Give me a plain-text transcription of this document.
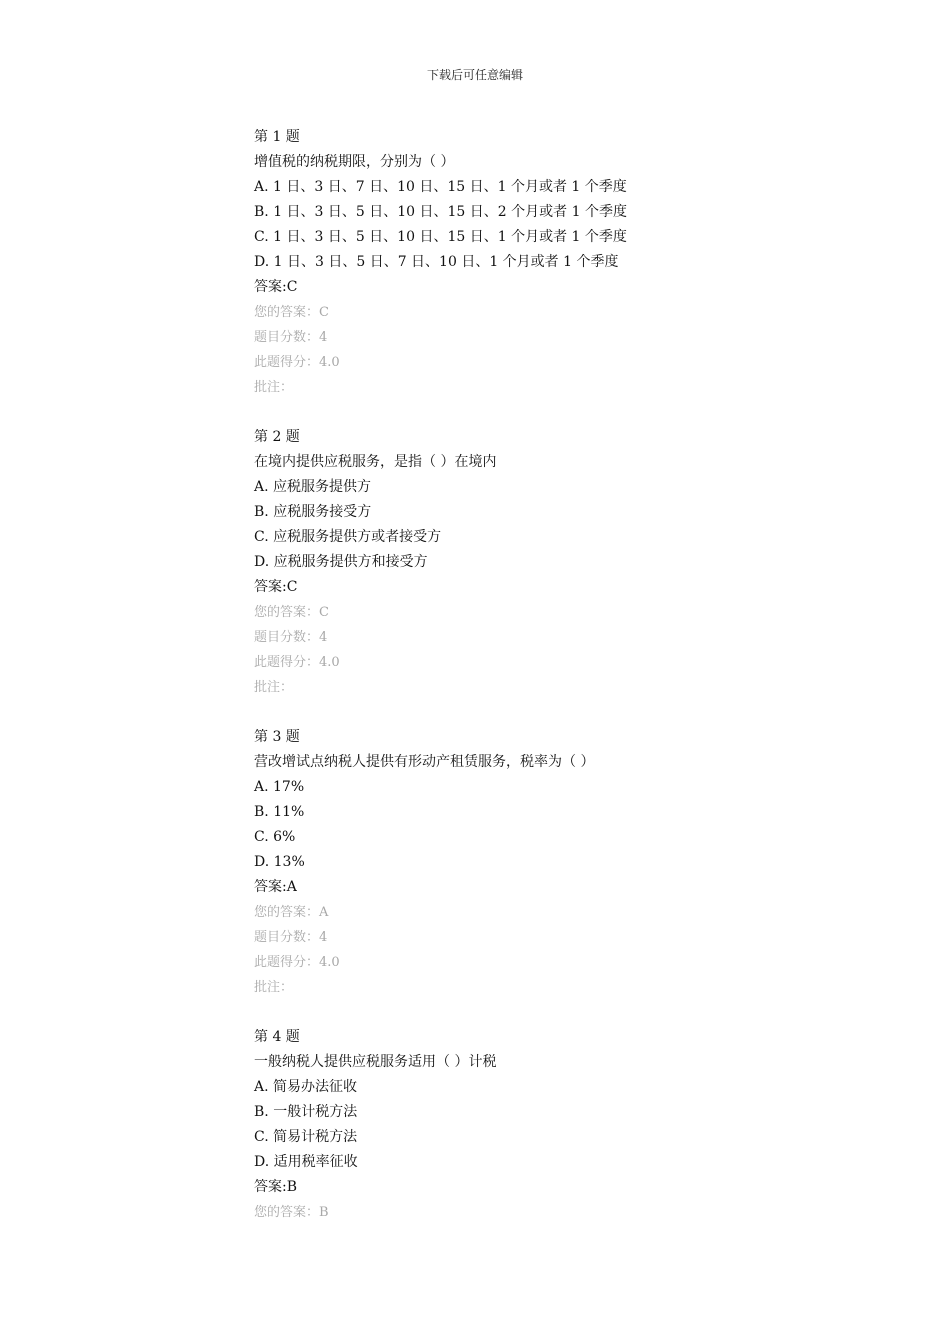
下载后可任意编辑
第 1 题
增值税的纳税期限，分别为（ ）
A. 1 日、3 日、7 日、10 日、15 日、1 个月或者 1 个季度
B. 1 日、3 日、5 日、10 日、15 日、2 个月或者 1 个季度
C. 1 日、3 日、5 日、10 日、15 日、1 个月或者 1 个季度
D. 1 日、3 日、5 日、7 日、10 日、1 个月或者 1 个季度
答案:C
您的答案：C
题目分数：4
此题得分：4.0
批注：
第 2 题
在境内提供应税服务，是指（ ）在境内
A. 应税服务提供方
B. 应税服务接受方
C. 应税服务提供方或者接受方
D. 应税服务提供方和接受方
答案:C
您的答案：C
题目分数：4
此题得分：4.0
批注：
第 3 题
营改增试点纳税人提供有形动产租赁服务，税率为（ ）
A. 17%
B. 11%
C. 6%
D. 13%
答案:A
您的答案：A
题目分数：4
此题得分：4.0
批注：
第 4 题
一般纳税人提供应税服务适用（ ）计税
A. 简易办法征收
B. 一般计税方法
C. 简易计税方法
D. 适用税率征收
答案:B
您的答案：B
